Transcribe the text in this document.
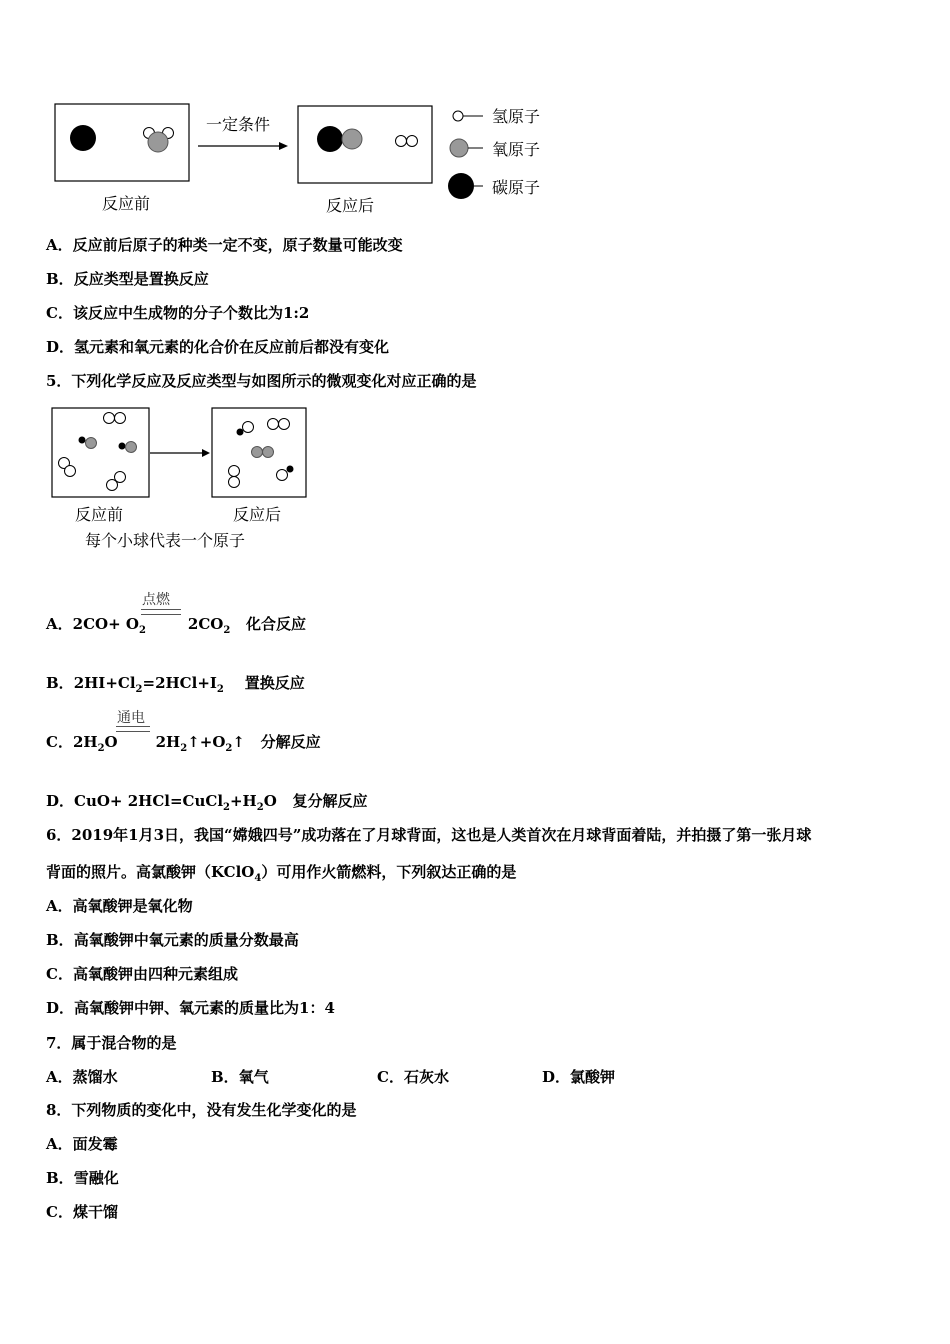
一定条件
反应前	反应后
氢原子
氧原子
碳原子
A．反应前后原子的种类一定不变，原子数量可能改变
B．反应类型是置换反应
C．该反应中生成物的分子个数比为1:2
D．氢元素和氧元素的化合价在反应前后都没有变化
5．下列化学反应及反应类型与如图所示的微观变化对应正确的是
反应前	反应后
每个小球代表一个原子
点燃
A．$2CO+ O_2$	$2CO_2$ 化合反应
B．$2HI+Cl_2=2HCl+I_2$ 置换反应
通电
C．$2H_2O$	$2H_2↑+O_2↑$ 分解反应
D．$CuO+ 2HCl=CuCl_2+H_2O$ 复分解反应
6．2019年1月3日，我国“嫦娥四号”成功落在了月球背面，这也是人类首次在月球背面着陆，并拍摄了第一张月球
背面的照片。高氯酸钾（KClO$_4$）可用作火箭燃料，下列叙达正确的是
A．高氧酸钾是氧化物
B．高氧酸钾中氧元素的质量分数最高
C．高氧酸钾由四种元素组成
D．高氧酸钾中钾、氧元素的质量比为1：4
7．属于混合物的是
A．蒸馏水	B．氧气	C．石灰水	D．氯酸钾
8．下列物质的变化中，没有发生化学变化的是
A．面发霉
B．雪融化
C．煤干馏
